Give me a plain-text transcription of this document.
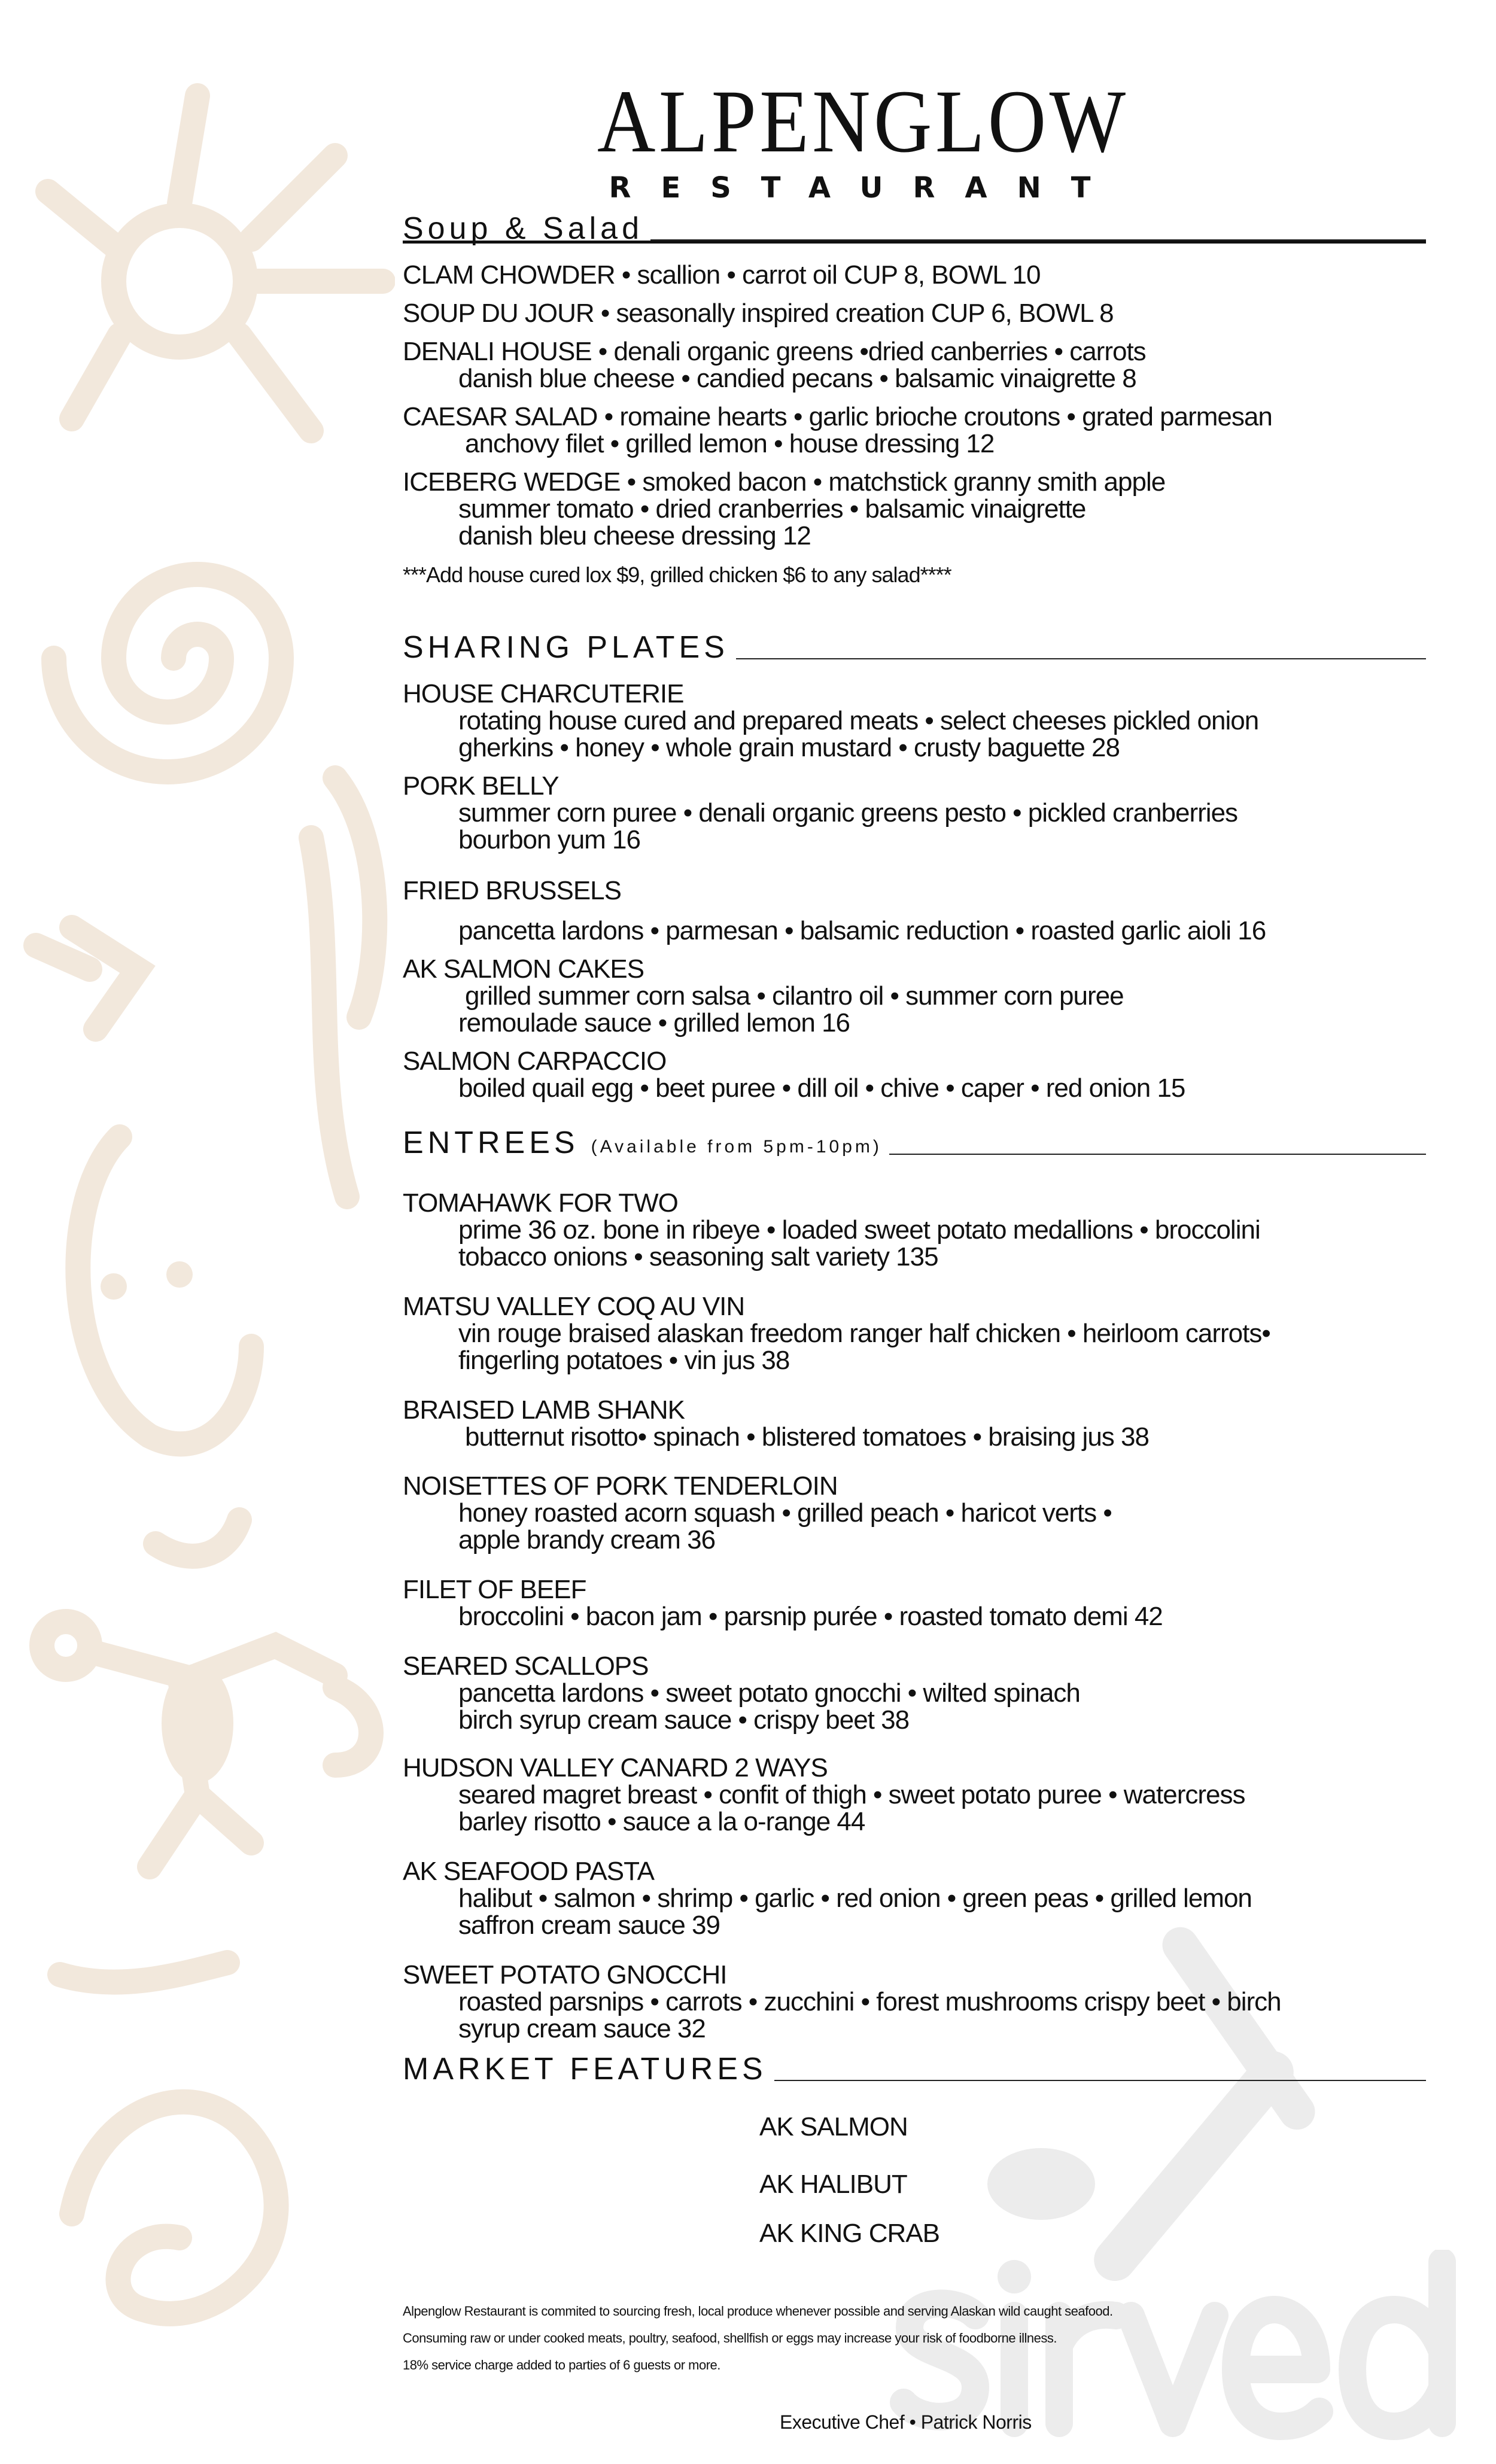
ALPENGLOW
RESTAURANT
Soup & Salad
CLAM CHOWDER • scallion • carrot oil CUP 8, BOWL 10
SOUP DU JOUR • seasonally inspired creation CUP 6, BOWL 8
DENALI HOUSE • denali organic greens •dried canberries • carrots
danish blue cheese • candied pecans • balsamic vinaigrette 8
CAESAR SALAD • romaine hearts • garlic brioche croutons • grated parmesan
anchovy filet • grilled lemon • house dressing 12
ICEBERG WEDGE • smoked bacon • matchstick granny smith apple
summer tomato • dried cranberries • balsamic vinaigrette
danish bleu cheese dressing 12
***Add house cured lox $9, grilled chicken $6 to any salad****
SHARING PLATES
HOUSE CHARCUTERIE
rotating house cured and prepared meats • select cheeses pickled onion
gherkins • honey • whole grain mustard • crusty baguette 28
PORK BELLY
summer corn puree • denali organic greens pesto • pickled cranberries
bourbon yum 16
FRIED BRUSSELS
pancetta lardons • parmesan • balsamic reduction • roasted garlic aioli 16
AK SALMON CAKES
grilled summer corn salsa • cilantro oil • summer corn puree
remoulade sauce • grilled lemon 16
SALMON CARPACCIO
boiled quail egg • beet puree • dill oil • chive • caper • red onion 15
ENTREES (Available from 5pm-10pm)
TOMAHAWK FOR TWO
prime 36 oz. bone in ribeye • loaded sweet potato medallions • broccolini
tobacco onions • seasoning salt variety 135
MATSU VALLEY COQ AU VIN
vin rouge braised alaskan freedom ranger half chicken • heirloom carrots•
fingerling potatoes • vin jus 38
BRAISED LAMB SHANK
butternut risotto• spinach • blistered tomatoes • braising jus 38
NOISETTES OF PORK TENDERLOIN
honey roasted acorn squash • grilled peach • haricot verts •
apple brandy cream 36
FILET OF BEEF
broccolini • bacon jam • parsnip purée • roasted tomato demi 42
SEARED SCALLOPS
pancetta lardons • sweet potato gnocchi • wilted spinach
birch syrup cream sauce • crispy beet 38
HUDSON VALLEY CANARD 2 WAYS
seared magret breast • confit of thigh • sweet potato puree • watercress
barley risotto • sauce a la o-range 44
AK SEAFOOD PASTA
halibut • salmon • shrimp • garlic • red onion • green peas • grilled lemon
saffron cream sauce 39
SWEET POTATO GNOCCHI
roasted parsnips • carrots • zucchini • forest mushrooms crispy beet • birch
syrup cream sauce 32
MARKET FEATURES
AK SALMON
AK HALIBUT
AK KING CRAB
Alpenglow Restaurant is commited to sourcing fresh, local produce whenever possible and serving Alaskan wild caught seafood.
Consuming raw or under cooked meats, poultry, seafood, shellfish or eggs may increase your risk of foodborne illness.
18% service charge added to parties of 6 guests or more.
Executive Chef • Patrick Norris
